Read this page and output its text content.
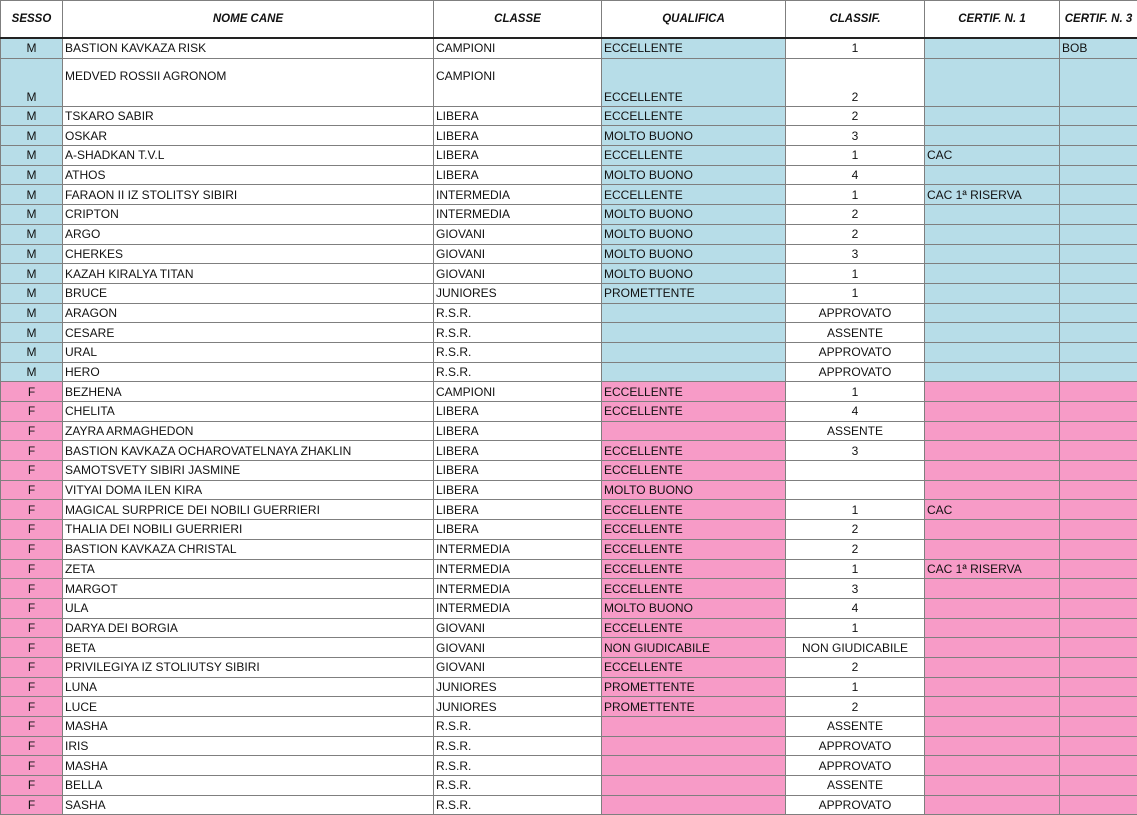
SESSO	NOME CANE	CLASSE	QUALIFICA	CLASSIF.	CERTIF. N. 1	CERTIF. N. 3
M	BASTION KAVKAZA RISK	CAMPIONI	ECCELLENTE	1		BOB
M	MEDVED ROSSII AGRONOM	CAMPIONI	ECCELLENTE	2		
M	TSKARO SABIR	LIBERA	ECCELLENTE	2		
M	OSKAR	LIBERA	MOLTO BUONO	3		
M	A-SHADKAN T.V.L	LIBERA	ECCELLENTE	1	CAC	
M	ATHOS	LIBERA	MOLTO BUONO	4		
M	FARAON II IZ STOLITSY SIBIRI	INTERMEDIA	ECCELLENTE	1	CAC 1ª RISERVA	
M	CRIPTON	INTERMEDIA	MOLTO BUONO	2		
M	ARGO	GIOVANI	MOLTO BUONO	2		
M	CHERKES	GIOVANI	MOLTO BUONO	3		
M	KAZAH KIRALYA TITAN	GIOVANI	MOLTO BUONO	1		
M	BRUCE	JUNIORES	PROMETTENTE	1		
M	ARAGON	R.S.R.		APPROVATO		
M	CESARE	R.S.R.		ASSENTE		
M	URAL	R.S.R.		APPROVATO		
M	HERO	R.S.R.		APPROVATO		
F	BEZHENA	CAMPIONI	ECCELLENTE	1		
F	CHELITA	LIBERA	ECCELLENTE	4		
F	ZAYRA ARMAGHEDON	LIBERA		ASSENTE		
F	BASTION KAVKAZA OCHAROVATELNAYA ZHAKLIN	LIBERA	ECCELLENTE	3		
F	SAMOTSVETY SIBIRI JASMINE	LIBERA	ECCELLENTE			
F	VITYAI DOMA ILEN KIRA	LIBERA	MOLTO BUONO			
F	MAGICAL SURPRICE DEI NOBILI GUERRIERI	LIBERA	ECCELLENTE	1	CAC	
F	THALIA DEI NOBILI GUERRIERI	LIBERA	ECCELLENTE	2		
F	BASTION KAVKAZA CHRISTAL	INTERMEDIA	ECCELLENTE	2		
F	ZETA	INTERMEDIA	ECCELLENTE	1	CAC 1ª RISERVA	
F	MARGOT	INTERMEDIA	ECCELLENTE	3		
F	ULA	INTERMEDIA	MOLTO BUONO	4		
F	DARYA DEI BORGIA	GIOVANI	ECCELLENTE	1		
F	BETA	GIOVANI	NON GIUDICABILE	NON GIUDICABILE		
F	PRIVILEGIYA IZ STOLIUTSY SIBIRI	GIOVANI	ECCELLENTE	2		
F	LUNA	JUNIORES	PROMETTENTE	1		
F	LUCE	JUNIORES	PROMETTENTE	2		
F	MASHA	R.S.R.		ASSENTE		
F	IRIS	R.S.R.		APPROVATO		
F	MASHA	R.S.R.		APPROVATO		
F	BELLA	R.S.R.		ASSENTE		
F	SASHA	R.S.R.		APPROVATO		
